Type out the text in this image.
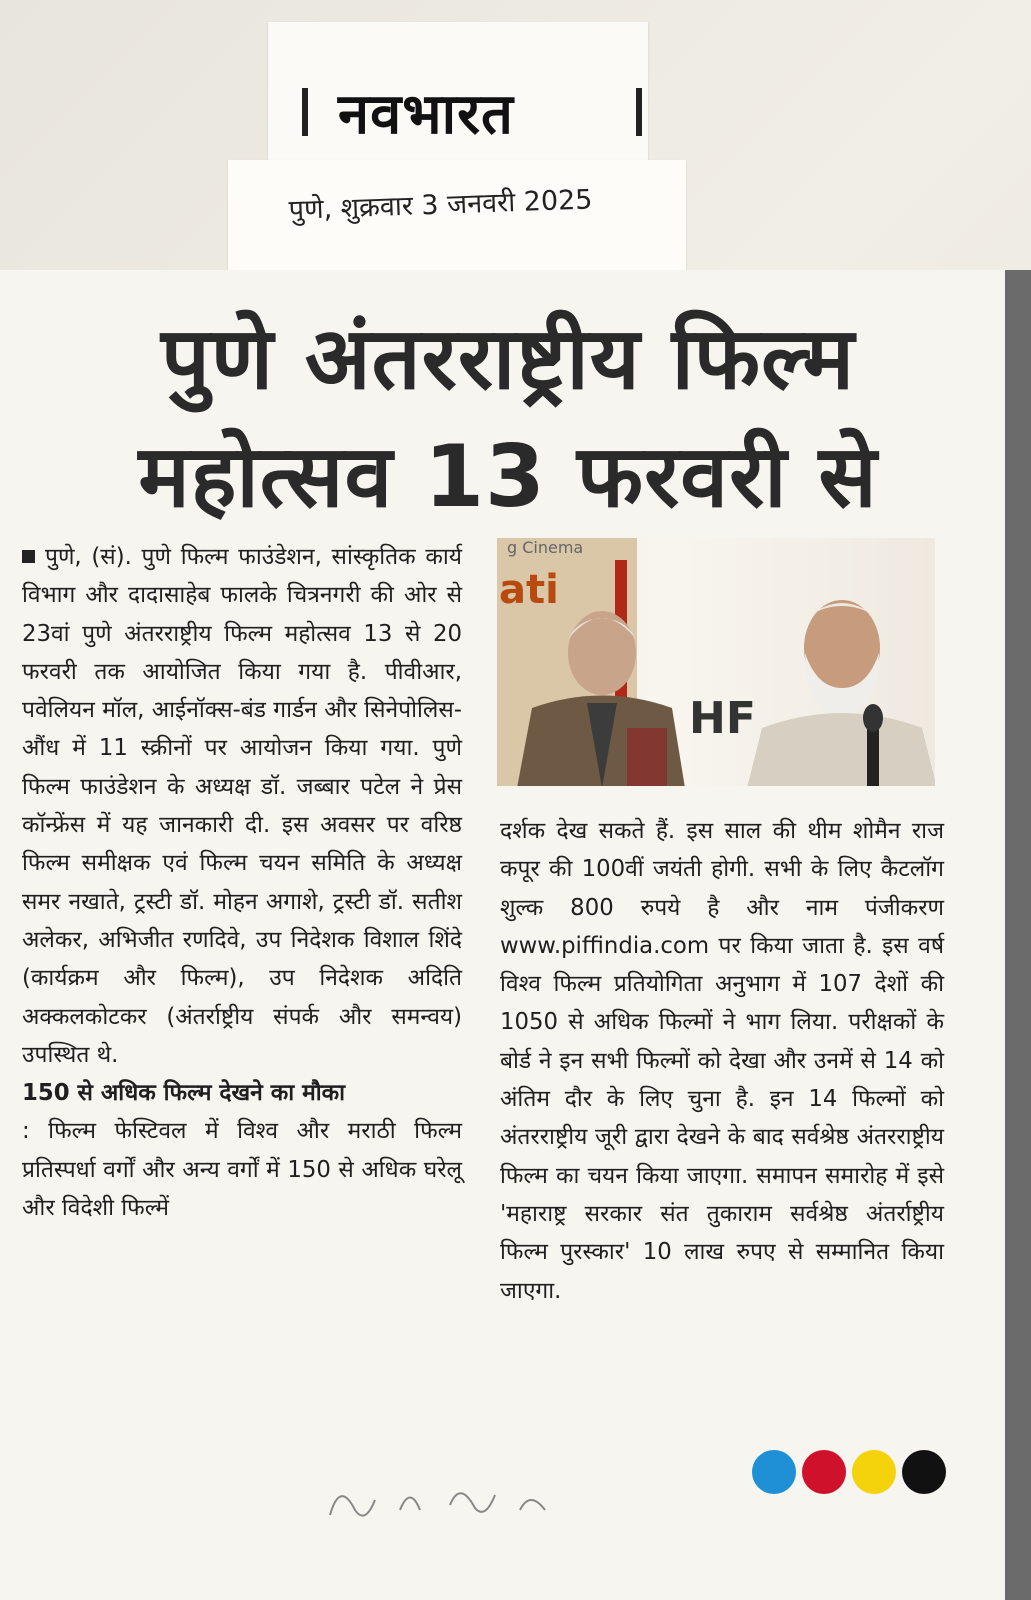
नवभारत
पुणे, शुक्रवार 3 जनवरी 2025
पुणे अंतरराष्ट्रीय फिल्म
महोत्सव 13 फरवरी से
पुणे, (सं). पुणे फिल्म फाउंडेशन, सांस्कृतिक कार्य विभाग और दादासाहेब फालके चित्रनगरी की ओर से 23वां पुणे अंतरराष्ट्रीय फिल्म महोत्सव 13 से 20 फरवरी तक आयोजित किया गया है. पीवीआर, पवेलियन मॉल, आईनॉक्स-बंड गार्डन और सिनेपोलिस-औंध में 11 स्क्रीनों पर आयोजन किया गया. पुणे फिल्म फाउंडेशन के अध्यक्ष डॉ. जब्बार पटेल ने प्रेस कॉन्फ्रेंस में यह जानकारी दी. इस अवसर पर वरिष्ठ फिल्म समीक्षक एवं फिल्म चयन समिति के अध्यक्ष समर नखाते, ट्रस्टी डॉ. मोहन अगाशे, ट्रस्टी डॉ. सतीश अलेकर, अभिजीत रणदिवे, उप निदेशक विशाल शिंदे (कार्यक्रम और फिल्म), उप निदेशक अदिति अक्कलकोटकर (अंतर्राष्ट्रीय संपर्क और समन्वय) उपस्थित थे.
150 से अधिक फिल्म देखने का मौका
: फिल्म फेस्टिवल में विश्व और मराठी फिल्म प्रतिस्पर्धा वर्गों और अन्य वर्गों में 150 से अधिक घरेलू और विदेशी फिल्में
ati
g Cinema
HF
दर्शक देख सकते हैं. इस साल की थीम शोमैन राज कपूर की 100वीं जयंती होगी. सभी के लिए कैटलॉग शुल्क 800 रुपये है और नाम पंजीकरण www.piffindia.com पर किया जाता है. इस वर्ष विश्व फिल्म प्रतियोगिता अनुभाग में 107 देशों की 1050 से अधिक फिल्मों ने भाग लिया. परीक्षकों के बोर्ड ने इन सभी फिल्मों को देखा और उनमें से 14 को अंतिम दौर के लिए चुना है. इन 14 फिल्मों को अंतरराष्ट्रीय जूरी द्वारा देखने के बाद सर्वश्रेष्ठ अंतरराष्ट्रीय फिल्म का चयन किया जाएगा. समापन समारोह में इसे 'महाराष्ट्र सरकार संत तुकाराम सर्वश्रेष्ठ अंतर्राष्ट्रीय फिल्म पुरस्कार' 10 लाख रुपए से सम्मानित किया जाएगा.
